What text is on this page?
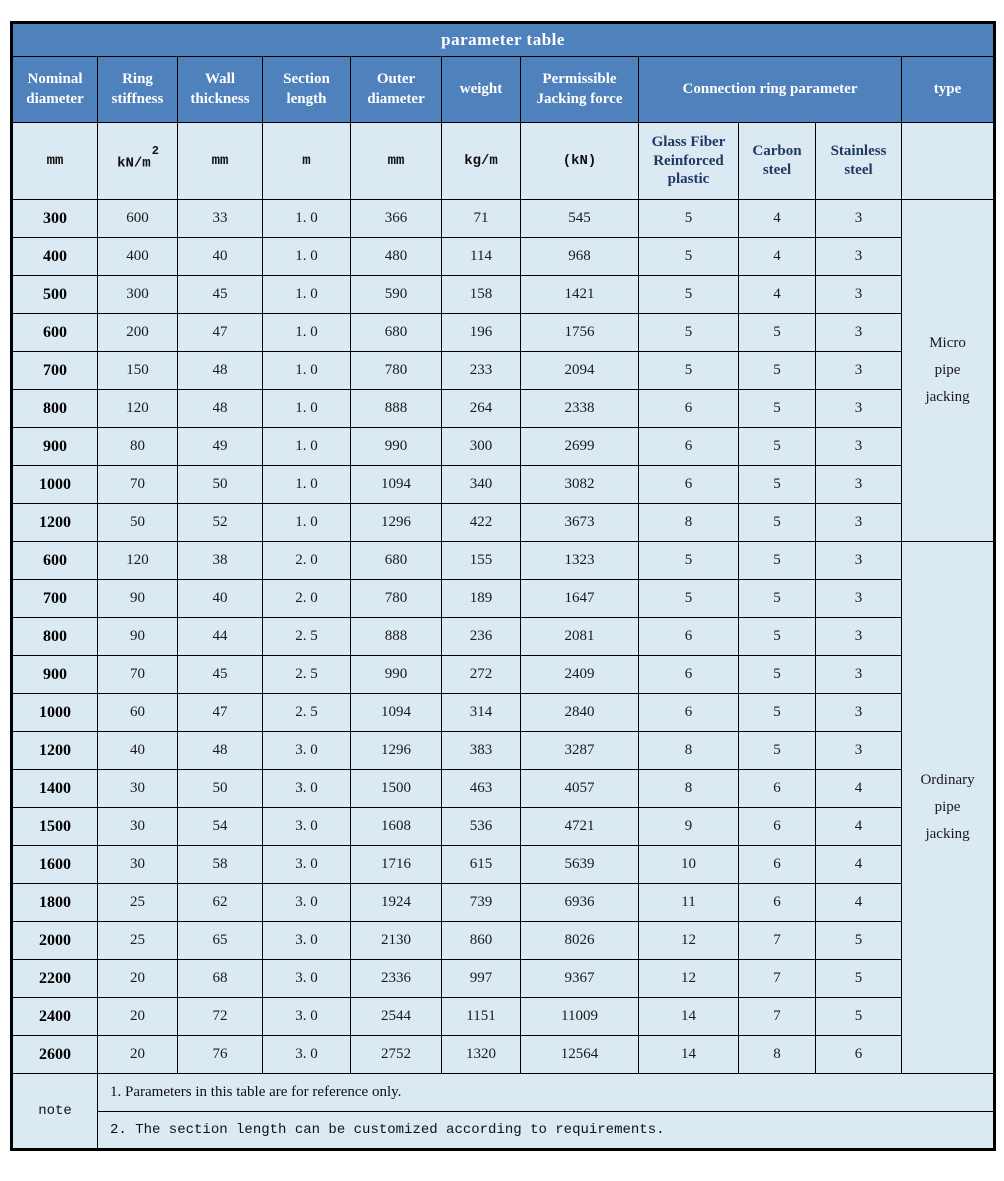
parameter table										
Nominal diameter	Ring stiffness	Wall thickness	Section length	Outer diameter	weight	Permissible Jacking force	Connection ring parameter			type
mm	$kN/m^2$	mm	m	mm	kg/m	(kN)	Glass Fiber Reinforced plastic	Carbon steel	Stainless steel	
300	600	33	1. 0	366	71	545	5	4	3	Micro pipe jacking
400	400	40	1. 0	480	114	968	5	4	3	
500	300	45	1. 0	590	158	1421	5	4	3	
600	200	47	1. 0	680	196	1756	5	5	3	
700	150	48	1. 0	780	233	2094	5	5	3	
800	120	48	1. 0	888	264	2338	6	5	3	
900	80	49	1. 0	990	300	2699	6	5	3	
1000	70	50	1. 0	1094	340	3082	6	5	3	
1200	50	52	1. 0	1296	422	3673	8	5	3	
600	120	38	2. 0	680	155	1323	5	5	3	Ordinary pipe jacking
700	90	40	2. 0	780	189	1647	5	5	3	
800	90	44	2. 5	888	236	2081	6	5	3	
900	70	45	2. 5	990	272	2409	6	5	3	
1000	60	47	2. 5	1094	314	2840	6	5	3	
1200	40	48	3. 0	1296	383	3287	8	5	3	
1400	30	50	3. 0	1500	463	4057	8	6	4	
1500	30	54	3. 0	1608	536	4721	9	6	4	
1600	30	58	3. 0	1716	615	5639	10	6	4	
1800	25	62	3. 0	1924	739	6936	11	6	4	
2000	25	65	3. 0	2130	860	8026	12	7	5	
2200	20	68	3. 0	2336	997	9367	12	7	5	
2400	20	72	3. 0	2544	1151	11009	14	7	5	
2600	20	76	3. 0	2752	1320	12564	14	8	6	
note	1. Parameters in this table are for reference only.									
	2. The section length can be customized according to requirements.									
